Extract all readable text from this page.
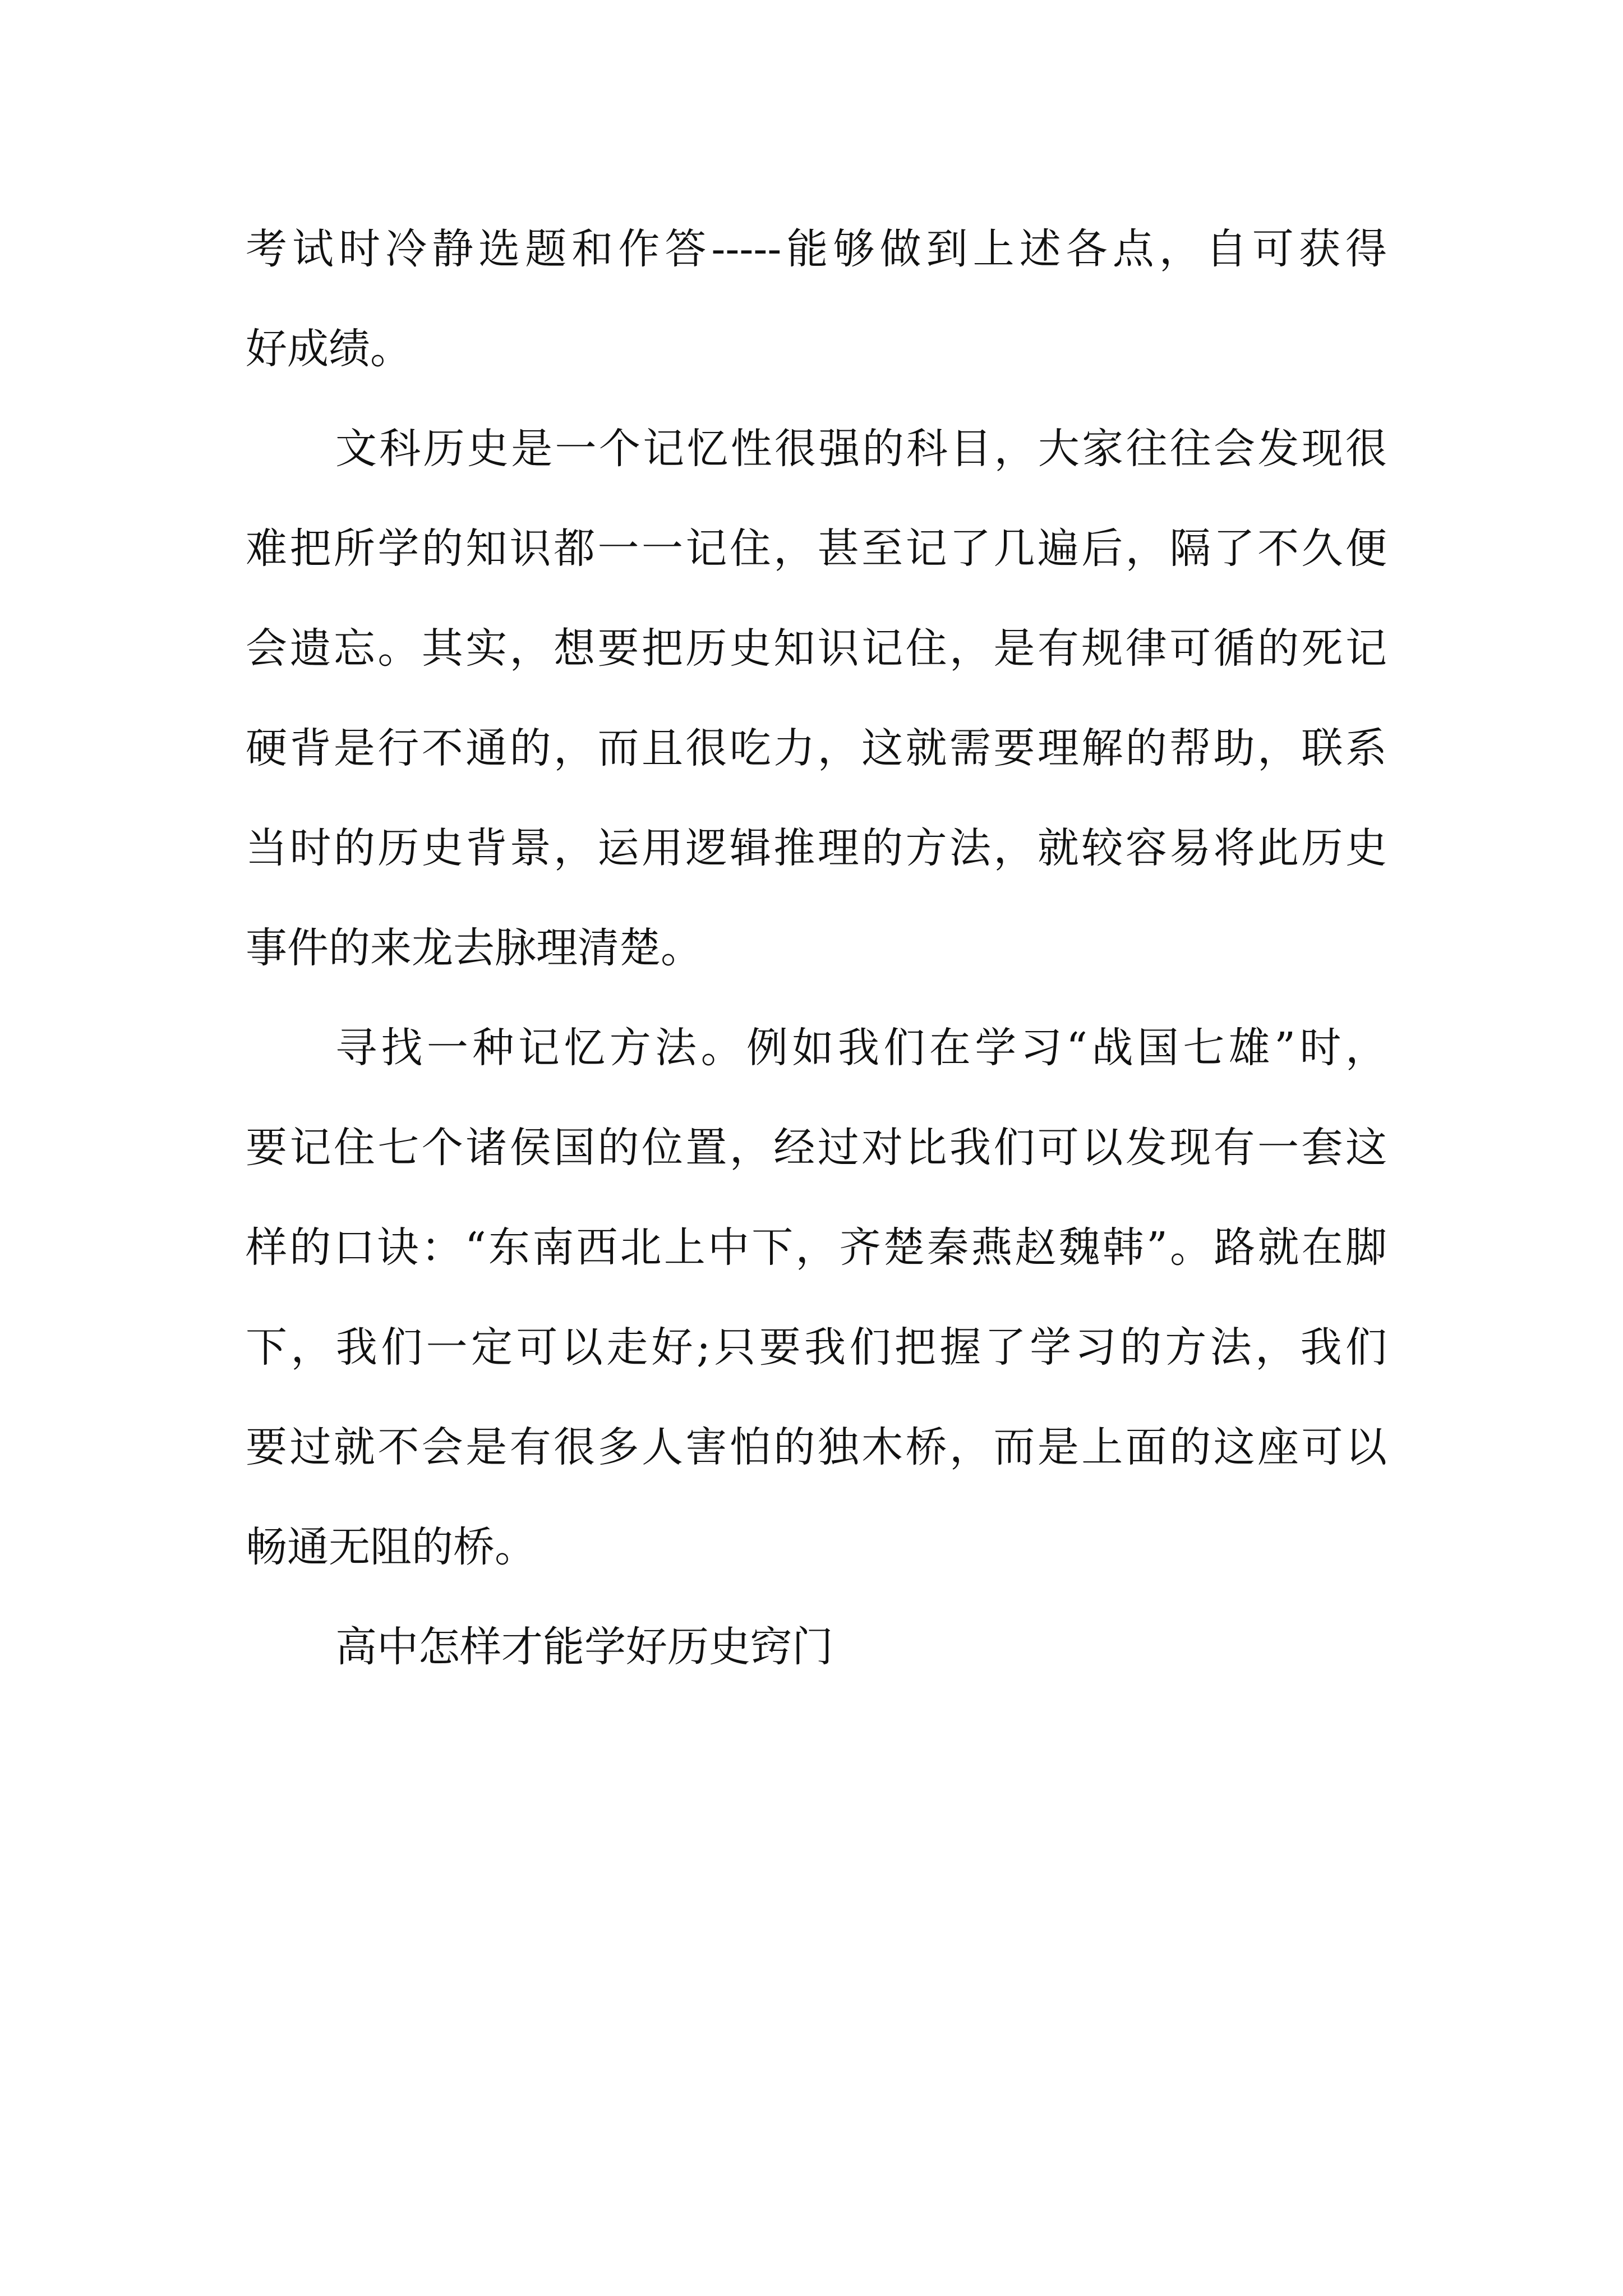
考试时冷静选题和作答-----能够做到上述各点，自可获得
好成绩。
文科历史是一个记忆性很强的科目，大家往往会发现很
难把所学的知识都一一记住，甚至记了几遍后，隔了不久便
会遗忘。其实，想要把历史知识记住，是有规律可循的死记
硬背是行不通的，而且很吃力，这就需要理解的帮助，联系
当时的历史背景，运用逻辑推理的方法，就较容易将此历史
事件的来龙去脉理清楚。
寻找一种记忆方法。例如我们在学习“战国七雄”时，
要记住七个诸侯国的位置，经过对比我们可以发现有一套这
样的口诀：“东南西北上中下，齐楚秦燕赵魏韩”。路就在脚
下，我们一定可以走好;只要我们把握了学习的方法，我们
要过就不会是有很多人害怕的独木桥，而是上面的这座可以
畅通无阻的桥。
高中怎样才能学好历史窍门
